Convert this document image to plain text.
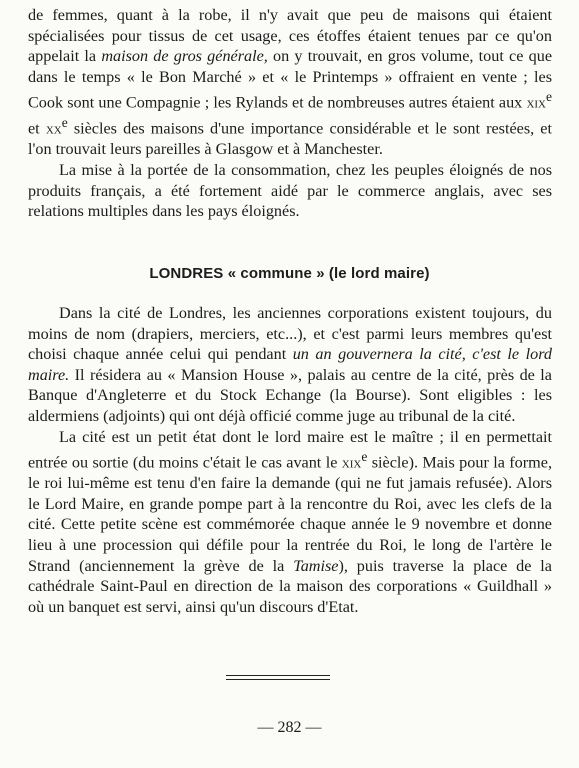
de femmes, quant à la robe, il n'y avait que peu de maisons qui étaient spécialisées pour tissus de cet usage, ces étoffes étaient tenues par ce qu'on appelait la maison de gros générale, on y trouvait, en gros volume, tout ce que dans le temps « le Bon Marché » et « le Printemps » offraient en vente ; les Cook sont une Compagnie ; les Rylands et de nombreuses autres étaient aux xix$^e$ et $xx^e$ siècles des maisons d'une importance considérable et le sont restées, et l'on trouvait leurs pareilles à Glasgow et à Manchester.

La mise à la portée de la consommation, chez les peuples éloignés de nos produits français, a été fortement aidé par le commerce anglais, avec ses relations multiples dans les pays éloignés.

LONDRES « commune » (le lord maire)

Dans la cité de Londres, les anciennes corporations existent toujours, du moins de nom (drapiers, merciers, etc...), et c'est parmi leurs membres qu'est choisi chaque année celui qui pendant un an gouvernera la cité, c'est le lord maire. Il résidera au « Mansion House », palais au centre de la cité, près de la Banque d'Angleterre et du Stock Echange (la Bourse). Sont eligibles : les aldermiens (adjoints) qui ont déjà officié comme juge au tribunal de la cité.

La cité est un petit état dont le lord maire est le maître ; il en permettait entrée ou sortie (du moins c'était le cas avant le xix$^e$ siècle). Mais pour la forme, le roi lui-même est tenu d'en faire la demande (qui ne fut jamais refusée). Alors le Lord Maire, en grande pompe part à la rencontre du Roi, avec les clefs de la cité. Cette petite scène est commémorée chaque année le 9 novembre et donne lieu à une procession qui défile pour la rentrée du Roi, le long de l'artère le Strand (anciennement la grève de la Tamise), puis traverse la place de la cathédrale Saint-Paul en direction de la maison des corporations « Guildhall » où un banquet est servi, ainsi qu'un discours d'Etat.

— 282 —
